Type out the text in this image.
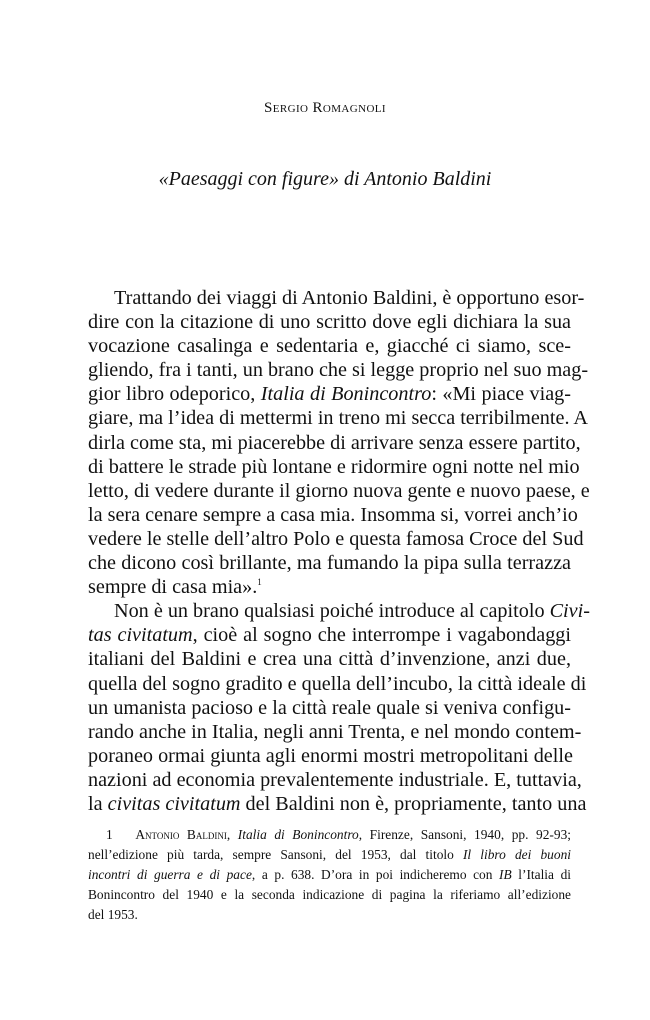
Sergio Romagnoli
«Paesaggi con figure» di Antonio Baldini
Trattando dei viaggi di Antonio Baldini, è opportuno esor-
dire con la citazione di uno scritto dove egli dichiara la sua
vocazione casalinga e sedentaria e, giacché ci siamo, sce-
gliendo, fra i tanti, un brano che si legge proprio nel suo mag-
gior libro odeporico, Italia di Bonincontro: «Mi piace viag-
giare, ma l’idea di mettermi in treno mi secca terribilmente. A
dirla come sta, mi piacerebbe di arrivare senza essere partito,
di battere le strade più lontane e ridormire ogni notte nel mio
letto, di vedere durante il giorno nuova gente e nuovo paese, e
la sera cenare sempre a casa mia. Insomma si, vorrei anch’io
vedere le stelle dell’altro Polo e questa famosa Croce del Sud
che dicono così brillante, ma fumando la pipa sulla terrazza
sempre di casa mia».$^1$
Non è un brano qualsiasi poiché introduce al capitolo Civi-
tas civitatum, cioè al sogno che interrompe i vagabondaggi
italiani del Baldini e crea una città d’invenzione, anzi due,
quella del sogno gradito e quella dell’incubo, la città ideale di
un umanista pacioso e la città reale quale si veniva configu-
rando anche in Italia, negli anni Trenta, e nel mondo contem-
poraneo ormai giunta agli enormi mostri metropolitani delle
nazioni ad economia prevalentemente industriale. E, tuttavia,
la civitas civitatum del Baldini non è, propriamente, tanto una
1 Antonio Baldini, Italia di Bonincontro, Firenze, Sansoni, 1940, pp. 92-93;
nell’edizione più tarda, sempre Sansoni, del 1953, dal titolo Il libro dei buoni
incontri di guerra e di pace, a p. 638. D’ora in poi indicheremo con IB l’Italia di
Bonincontro del 1940 e la seconda indicazione di pagina la riferiamo all’edizione
del 1953.
